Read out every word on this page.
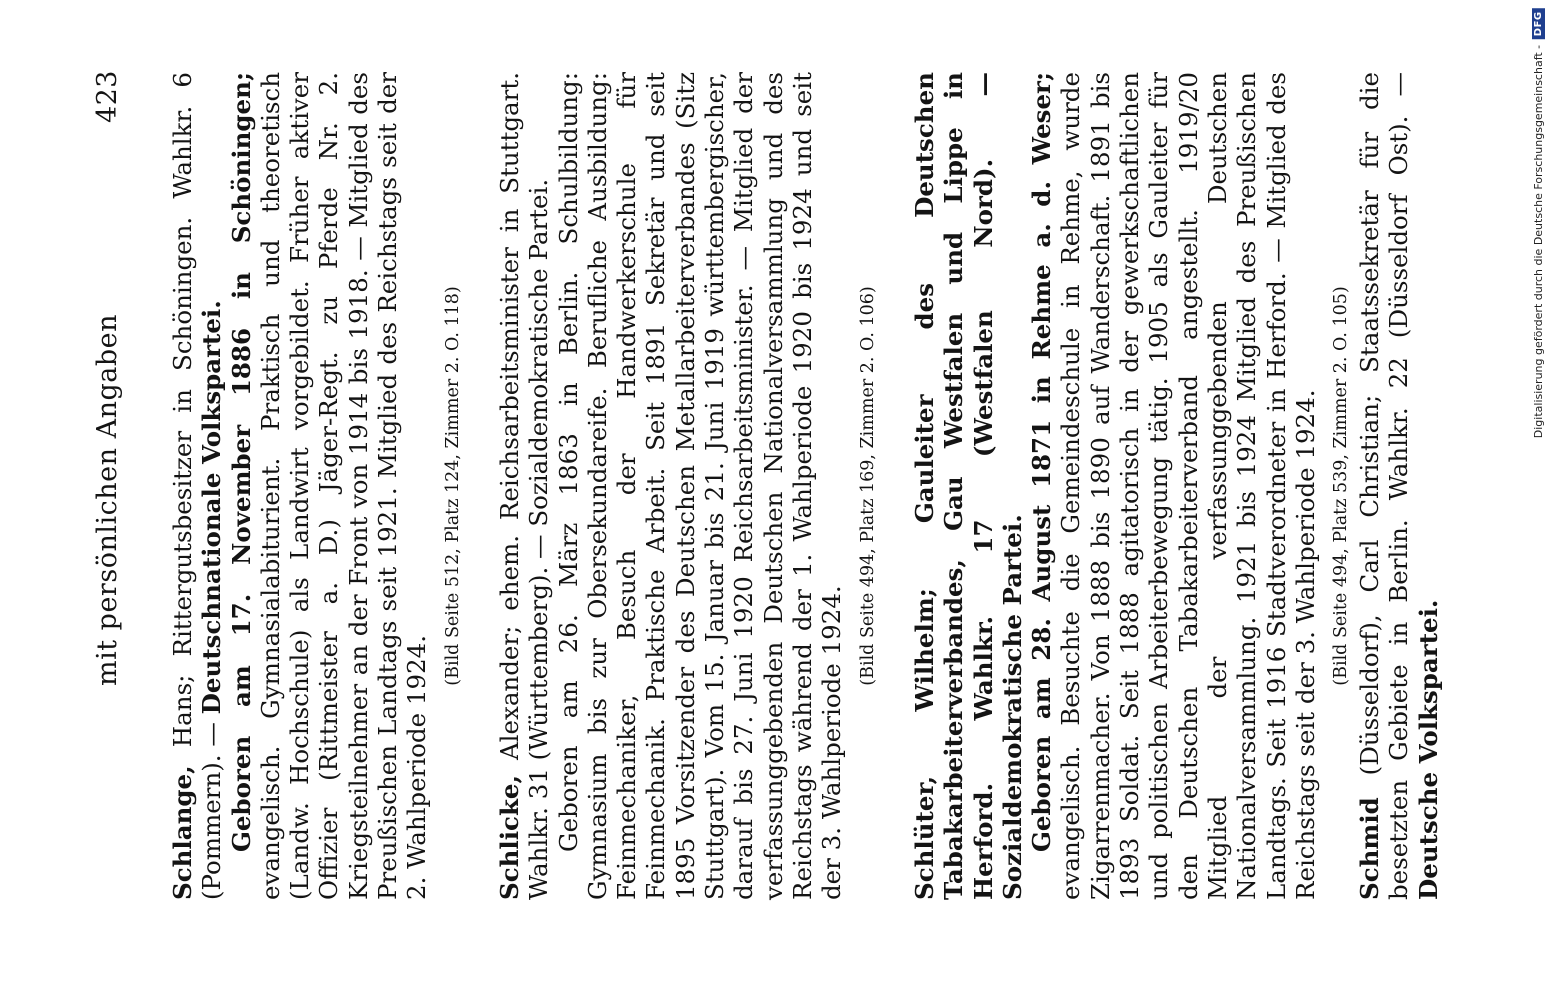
mit persönlichen Angaben
423

Schlange, Hans; Rittergutsbesitzer in Schöningen. Wahlkr. 6 (Pommern). — Deutschnationale Volkspartei. Geboren am 17. November 1886 in Schöningen; evangelisch. Gymnasialabiturient. Praktisch und theoretisch (Landw. Hochschule) als Landwirt vorgebildet. Früher aktiver Offizier (Rittmeister a. D.) Jäger-Regt. zu Pferde Nr. 2. Kriegsteilnehmer an der Front von 1914 bis 1918. — Mitglied des Preußischen Landtags seit 1921. Mitglied des Reichstags seit der 2. Wahlperiode 1924.

(Bild Seite 512, Platz 124, Zimmer 2. O. 118)

Schlicke, Alexander; ehem. Reichsarbeitsminister in Stuttgart. Wahlkr. 31 (Württemberg). — Sozialdemokratische Partei. Geboren am 26. März 1863 in Berlin. Schulbildung: Gymnasium bis zur Obersekundareife. Berufliche Ausbildung: Feinmechaniker, Besuch der Handwerkerschule für Feinmechanik. Praktische Arbeit. Seit 1891 Sekretär und seit 1895 Vorsitzender des Deutschen Metallarbeiterverbandes (Sitz Stuttgart). Vom 15. Januar bis 21. Juni 1919 württembergischer, darauf bis 27. Juni 1920 Reichsarbeitsminister. — Mitglied der verfassunggebenden Deutschen Nationalversammlung und des Reichstags während der 1. Wahlperiode 1920 bis 1924 und seit der 3. Wahlperiode 1924.

(Bild Seite 494, Platz 169, Zimmer 2. O. 106)

Schlüter, Wilhelm; Gauleiter des Deutschen Tabakarbeiterverbandes, Gau Westfalen und Lippe in Herford. Wahlkr. 17 (Westfalen Nord). — Sozialdemokratische Partei. Geboren am 28. August 1871 in Rehme a. d. Weser; evangelisch. Besuchte die Gemeindeschule in Rehme, wurde Zigarrenmacher. Von 1888 bis 1890 auf Wanderschaft. 1891 bis 1893 Soldat. Seit 1888 agitatorisch in der gewerkschaftlichen und politischen Arbeiterbewegung tätig. 1905 als Gauleiter für den Deutschen Tabakarbeiterverband angestellt. 1919/20 Mitglied der verfassunggebenden Deutschen Nationalversammlung. 1921 bis 1924 Mitglied des Preußischen Landtags. Seit 1916 Stadtverordneter in Herford. — Mitglied des Reichstags seit der 3. Wahlperiode 1924. (Bild Seite 494, Platz 539, Zimmer 2. O. 105)

Schmid (Düsseldorf), Carl Christian; Staatssekretär für die besetzten Gebiete in Berlin. Wahlkr. 22 (Düsseldorf Ost). — Deutsche Volkspartei.

Digitalisierung gefördert durch die Deutsche Forschungsgemeinschaft -
DFG
